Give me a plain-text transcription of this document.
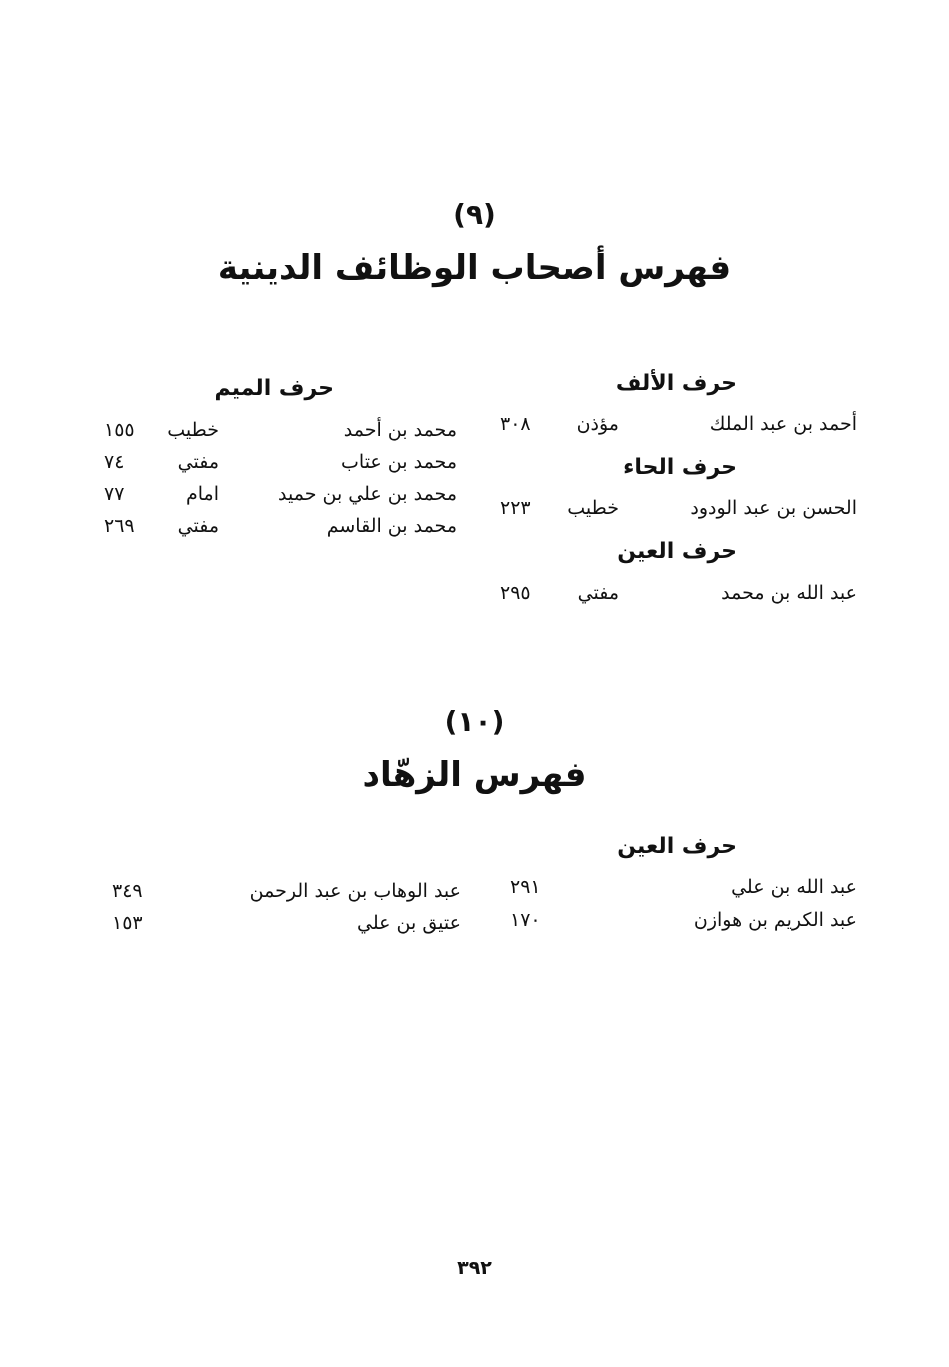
(٩)
فهرس أصحاب الوظائف الدينية
حرف الألف
أحمد بن عبد الملك
مؤذن
٣٠٨
حرف الحاء
الحسن بن عبد الودود
خطيب
٢٢٣
حرف العين
عبد الله بن محمد
مفتي
٢٩٥
حرف الميم
محمد بن أحمد
خطيب
١٥٥
محمد بن عتاب
مفتي
٧٤
محمد بن علي بن حميد
امام
٧٧
محمد بن القاسم
مفتي
٢٦٩
(١٠)
فهرس الزهّاد
حرف العين
عبد الله بن علي
٢٩١
عبد الكريم بن هوازن
١٧٠
عبد الوهاب بن عبد الرحمن
٣٤٩
عتيق بن علي
١٥٣
٣٩٢
